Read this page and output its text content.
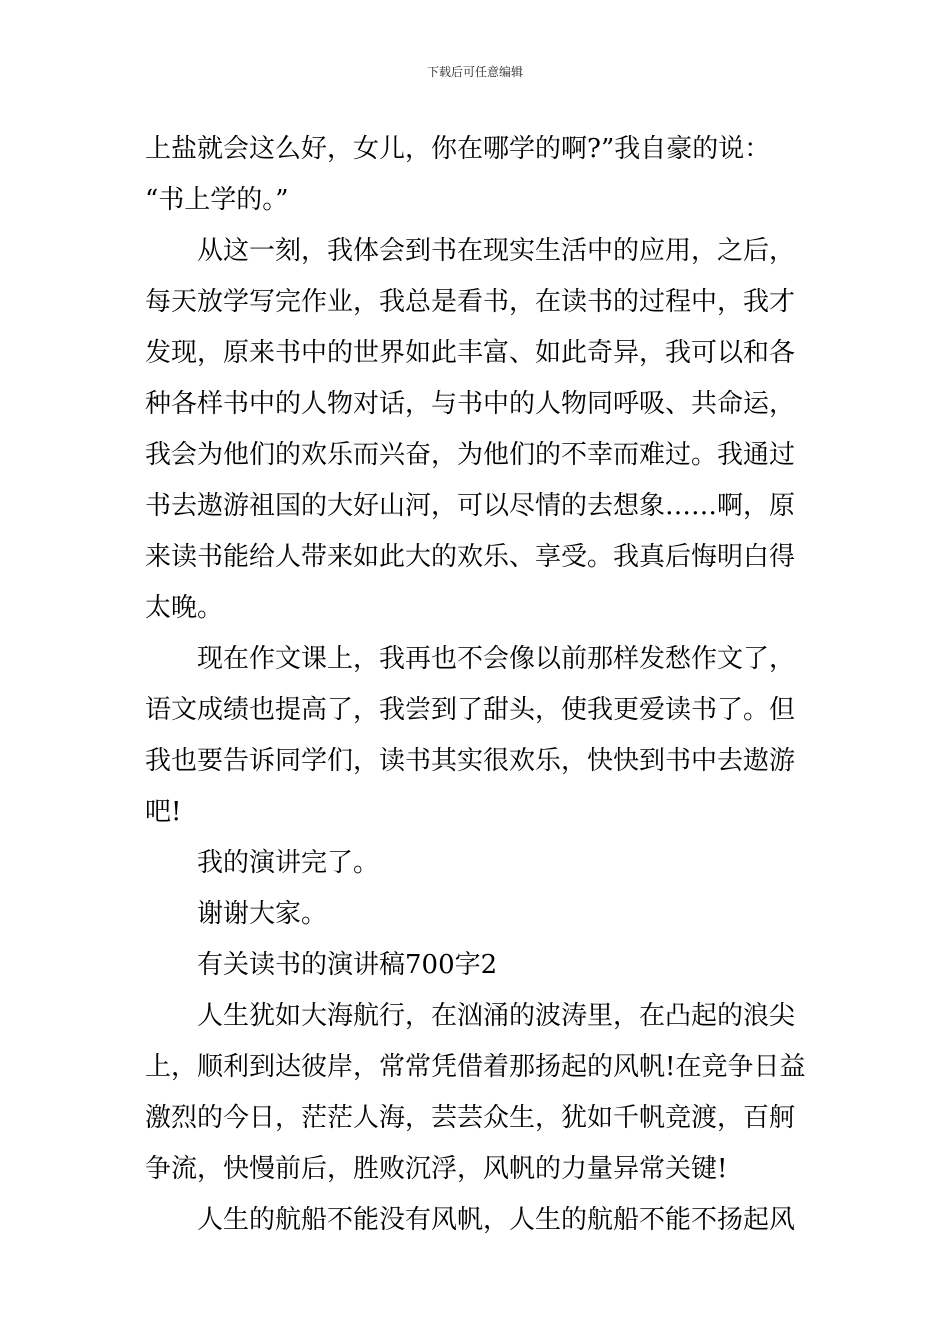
下载后可任意编辑
上盐就会这么好，女儿，你在哪学的啊?”我自豪的说：
“书上学的。”
从这一刻，我体会到书在现实生活中的应用，之后，
每天放学写完作业，我总是看书，在读书的过程中，我才
发现，原来书中的世界如此丰富、如此奇异，我可以和各
种各样书中的人物对话，与书中的人物同呼吸、共命运，
我会为他们的欢乐而兴奋，为他们的不幸而难过。我通过
书去遨游祖国的大好山河，可以尽情的去想象……啊，原
来读书能给人带来如此大的欢乐、享受。我真后悔明白得
太晚。
现在作文课上，我再也不会像以前那样发愁作文了，
语文成绩也提高了，我尝到了甜头，使我更爱读书了。但
我也要告诉同学们，读书其实很欢乐，快快到书中去遨游
吧!
我的演讲完了。
谢谢大家。
有关读书的演讲稿700字2
人生犹如大海航行，在汹涌的波涛里，在凸起的浪尖
上，顺利到达彼岸，常常凭借着那扬起的风帆!在竞争日益
激烈的今日，茫茫人海，芸芸众生，犹如千帆竞渡，百舸
争流，快慢前后，胜败沉浮，风帆的力量异常关键!
人生的航船不能没有风帆，人生的航船不能不扬起风
